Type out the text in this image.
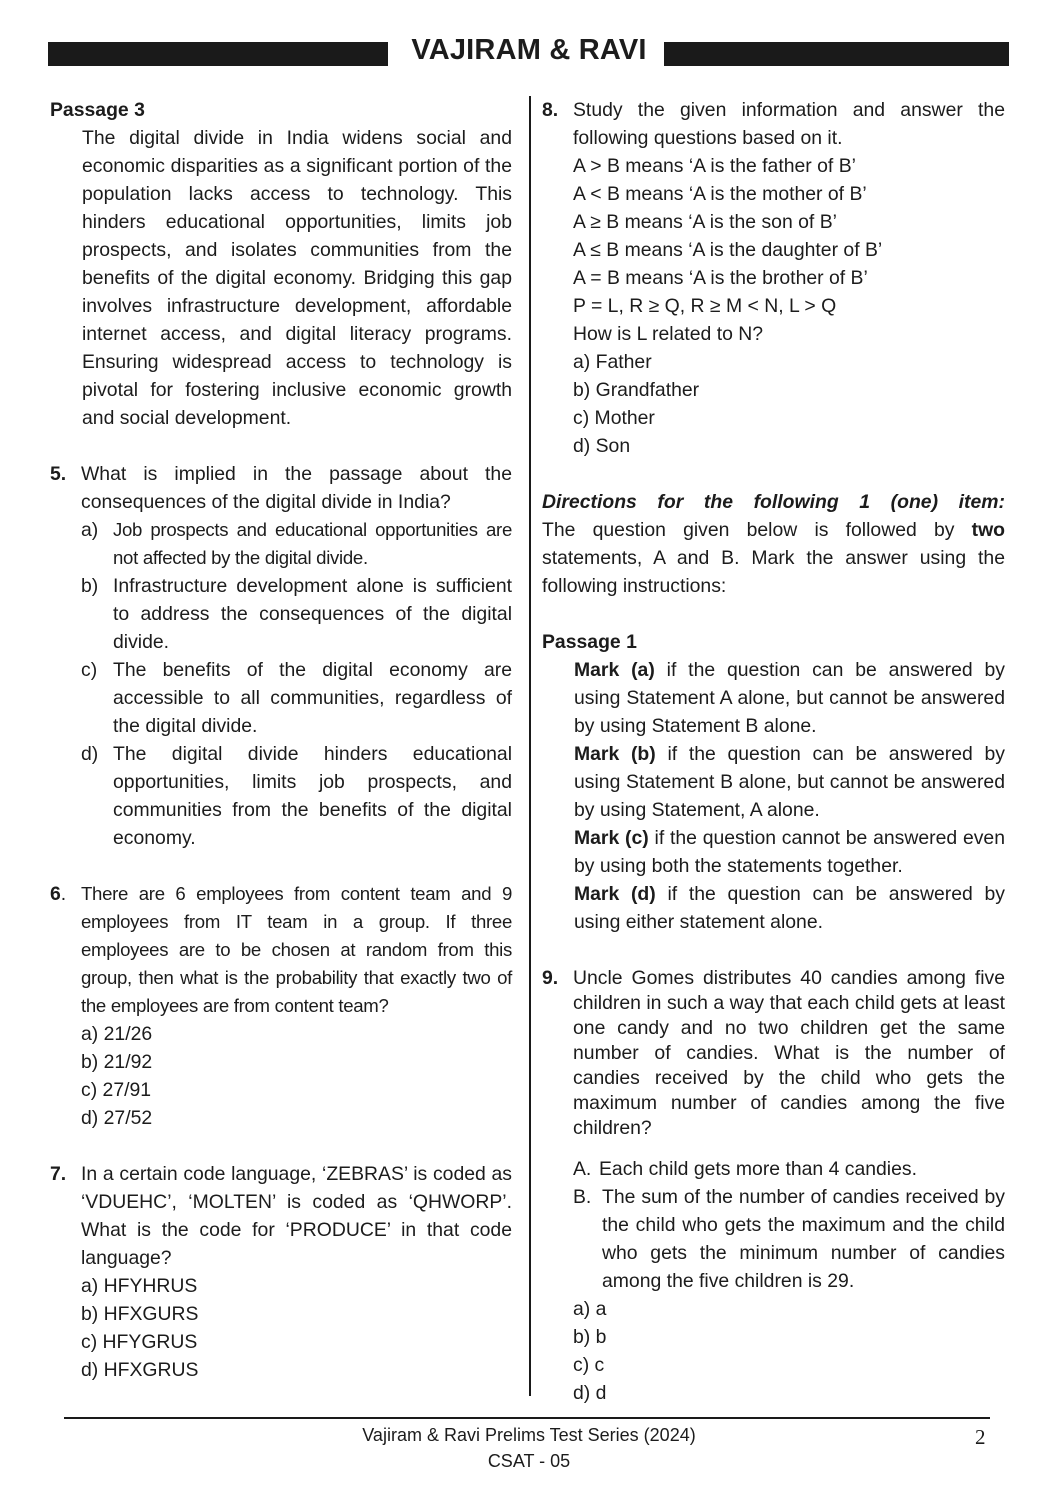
VAJIRAM & RAVI
Passage 3
The digital divide in India widens social and economic disparities as a significant portion of the population lacks access to technology. This hinders educational opportunities, limits job prospects, and isolates communities from the benefits of the digital economy. Bridging this gap involves infrastructure development, affordable internet access, and digital literacy programs. Ensuring widespread access to technology is pivotal for fostering inclusive economic growth and social development.
5. What is implied in the passage about the consequences of the digital divide in India?
a) Job prospects and educational opportunities are not affected by the digital divide.
b) Infrastructure development alone is sufficient to address the consequences of the digital divide.
c) The benefits of the digital economy are accessible to all communities, regardless of the digital divide.
d) The digital divide hinders educational opportunities, limits job prospects, and communities from the benefits of the digital economy.
6. There are 6 employees from content team and 9 employees from IT team in a group. If three employees are to be chosen at random from this group, then what is the probability that exactly two of the employees are from content team?
a) 21/26
b) 21/92
c) 27/91
d) 27/52
7. In a certain code language, ‘ZEBRAS’ is coded as ‘VDUEHC’, ‘MOLTEN’ is coded as ‘QHWORP’. What is the code for ‘PRODUCE’ in that code language?
a) HFYHRUS
b) HFXGURS
c) HFYGRUS
d) HFXGRUS
8. Study the given information and answer the following questions based on it.
A > B means ‘A is the father of B’
A < B means ‘A is the mother of B’
A ≥ B means ‘A is the son of B’
A ≤ B means ‘A is the daughter of B’
A = B means ‘A is the brother of B’
P = L, R ≥ Q, R ≥ M < N, L > Q
How is L related to N?
a) Father
b) Grandfather
c) Mother
d) Son
Directions for the following 1 (one) item:
The question given below is followed by two statements, A and B. Mark the answer using the following instructions:
Passage 1
Mark (a) if the question can be answered by using Statement A alone, but cannot be answered by using Statement B alone.
Mark (b) if the question can be answered by using Statement B alone, but cannot be answered by using Statement, A alone.
Mark (c) if the question cannot be answered even by using both the statements together.
Mark (d) if the question can be answered by using either statement alone.
9. Uncle Gomes distributes 40 candies among five children in such a way that each child gets at least one candy and no two children get the same number of candies. What is the number of candies received by the child who gets the maximum number of candies among the five children?
A. Each child gets more than 4 candies.
B. The sum of the number of candies received by the child who gets the maximum and the child who gets the minimum number of candies among the five children is 29.
a) a
b) b
c) c
d) d
Vajiram & Ravi Prelims Test Series (2024)
CSAT - 05
2
